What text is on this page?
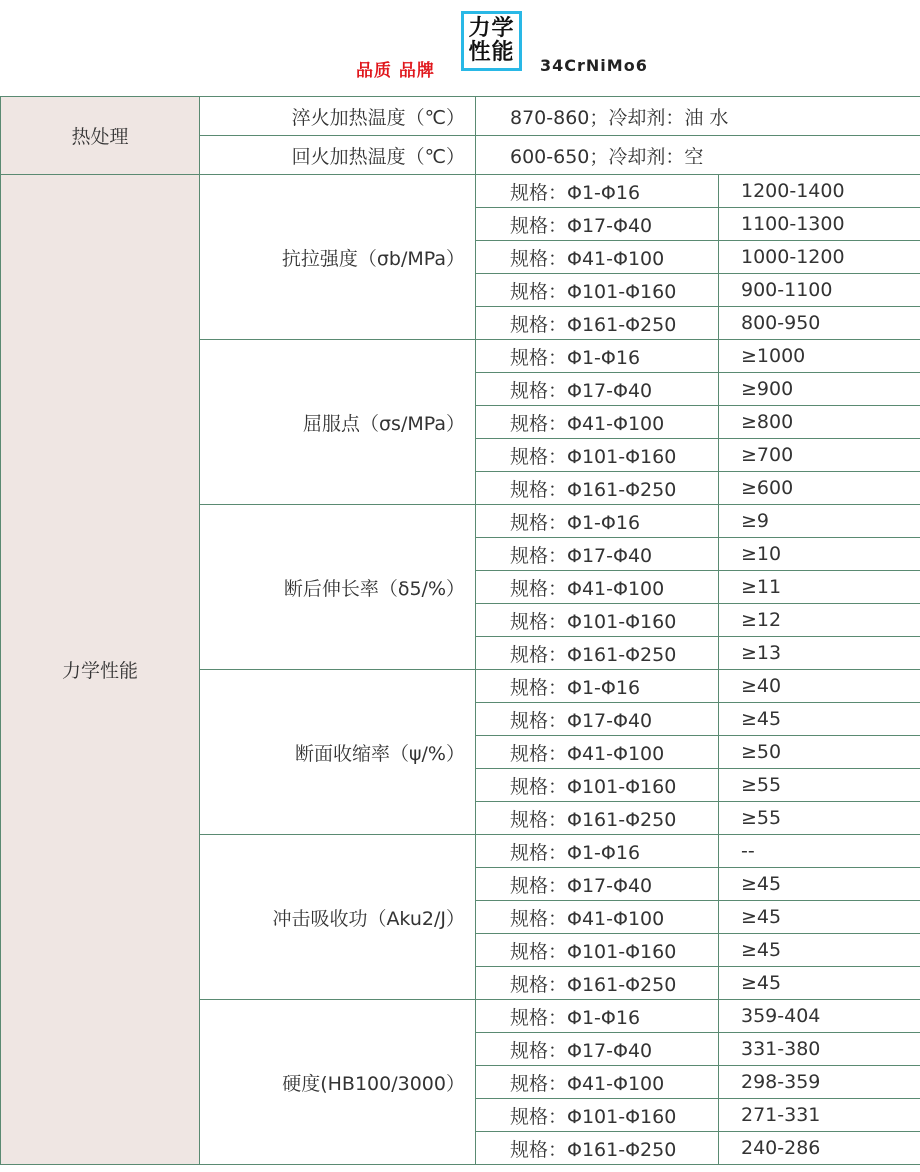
品质 品牌
力学
性能
34CrNiMo6
热处理	淬火加热温度（℃）	870-860；冷却剂：油 水	
	回火加热温度（℃）	600-650；冷却剂：空	
力学性能	抗拉强度（σb/MPa）	规格：Φ1-Φ16	1200-1400
		规格：Φ17-Φ40	1100-1300
		规格：Φ41-Φ100	1000-1200
		规格：Φ101-Φ160	900-1100
		规格：Φ161-Φ250	800-950
	屈服点（σs/MPa）	规格：Φ1-Φ16	≥1000
		规格：Φ17-Φ40	≥900
		规格：Φ41-Φ100	≥800
		规格：Φ101-Φ160	≥700
		规格：Φ161-Φ250	≥600
	断后伸长率（δ5/%）	规格：Φ1-Φ16	≥9
		规格：Φ17-Φ40	≥10
		规格：Φ41-Φ100	≥11
		规格：Φ101-Φ160	≥12
		规格：Φ161-Φ250	≥13
	断面收缩率（ψ/%）	规格：Φ1-Φ16	≥40
		规格：Φ17-Φ40	≥45
		规格：Φ41-Φ100	≥50
		规格：Φ101-Φ160	≥55
		规格：Φ161-Φ250	≥55
	冲击吸收功（Aku2/J）	规格：Φ1-Φ16	--
		规格：Φ17-Φ40	≥45
		规格：Φ41-Φ100	≥45
		规格：Φ101-Φ160	≥45
		规格：Φ161-Φ250	≥45
	硬度(HB100/3000）	规格：Φ1-Φ16	359-404
		规格：Φ17-Φ40	331-380
		规格：Φ41-Φ100	298-359
		规格：Φ101-Φ160	271-331
		规格：Φ161-Φ250	240-286
